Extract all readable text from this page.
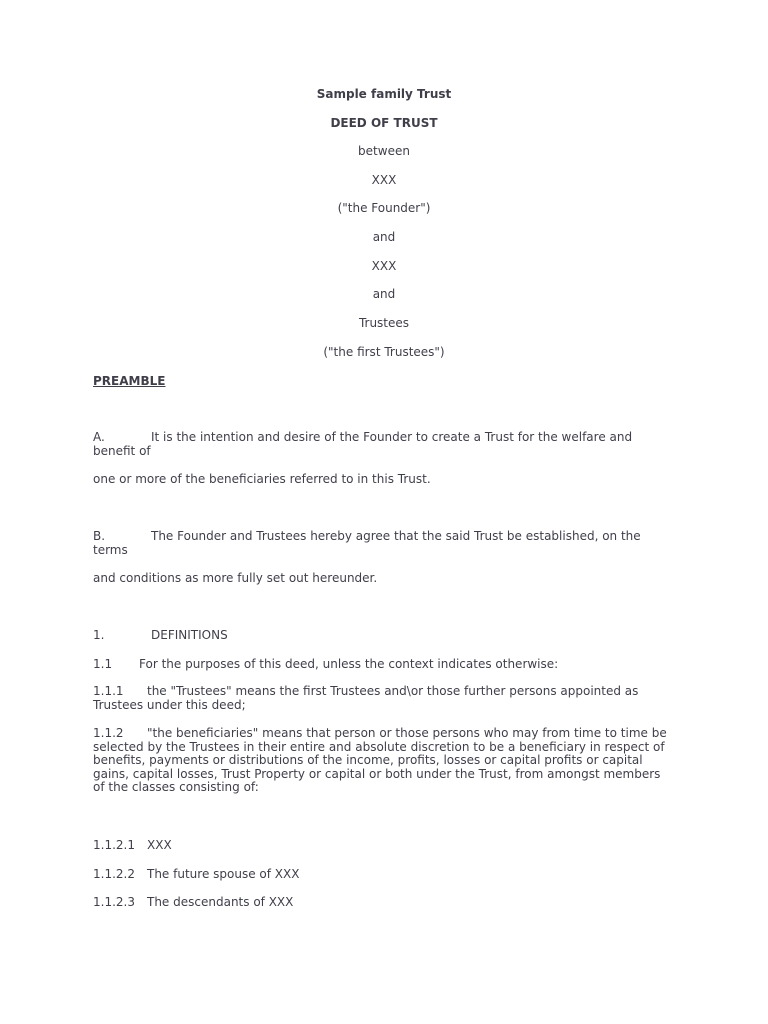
Sample family Trust
DEED OF TRUST
between
XXX
("the Founder")
and
XXX
and
Trustees
("the first Trustees")
PREAMBLE
A.	It is the intention and desire of the Founder to create a Trust for the welfare and benefit of
one or more of the beneficiaries referred to in this Trust.
B.	The Founder and Trustees hereby agree that the said Trust be established, on the terms
and conditions as more fully set out hereunder.
1.	DEFINITIONS
1.1 For the purposes of this deed, unless the context indicates otherwise:
1.1.1 the "Trustees" means the first Trustees and\or those further persons appointed as Trustees under this deed;
1.1.2 "the beneficiaries" means that person or those persons who may from time to time be selected by the Trustees in their entire and absolute discretion to be a beneficiary in respect of benefits, payments or distributions of the income, profits, losses or capital profits or capital gains, capital losses, Trust Property or capital or both under the Trust, from amongst members of the classes consisting of:
1.1.2.1 XXX
1.1.2.2 The future spouse of XXX
1.1.2.3 The descendants of XXX
